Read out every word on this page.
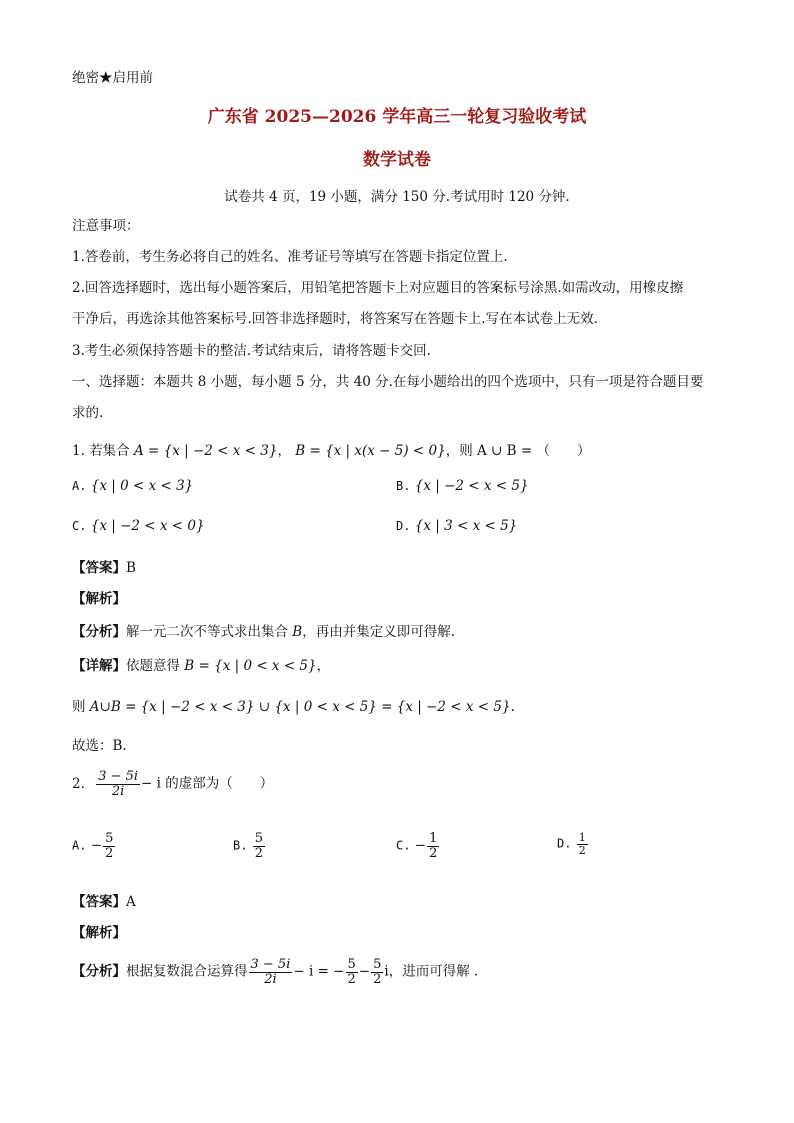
绝密★启用前
广东省 2025—2026 学年高三一轮复习验收考试
数学试卷
试卷共 4 页，19 小题，满分 150 分.考试用时 120 分钟.
注意事项：
1.答卷前，考生务必将自己的姓名、准考证号等填写在答题卡指定位置上.
2.回答选择题时，选出每小题答案后，用铅笔把答题卡上对应题目的答案标号涂黑.如需改动，用橡皮擦
干净后，再选涂其他答案标号.回答非选择题时，将答案写在答题卡上.写在本试卷上无效.
3.考生必须保持答题卡的整洁.考试结束后，请将答题卡交回.
一、选择题：本题共 8 小题，每小题 5 分，共 40 分.在每小题给出的四个选项中，只有一项是符合题目要
求的.
1. 若集合 A = {x | −2 < x < 3}， B = {x | x(x − 5) < 0}，则 A ∪ B = （　　）
A. {x | 0 < x < 3}	B. {x | −2 < x < 5}
C. {x | −2 < x < 0}	D. {x | 3 < x < 5}
【答案】B
【解析】
【分析】解一元二次不等式求出集合 B，再由并集定义即可得解.
【详解】依题意得 B = {x | 0 < x < 5}，
则 A∪B = {x | −2 < x < 3} ∪ {x | 0 < x < 5} = {x | −2 < x < 5}.
故选：B.
2. $\frac{3 - 5i}{2i} - i$ 的虚部为（　　）
A. − $\frac{5}{2}$	B. $\frac{5}{2}$	C. − $\frac{1}{2}$	D. $\frac{1}{2}$
【答案】A
【解析】
【分析】根据复数混合运算得 $\frac{3 - 5i}{2i} - i$ = − $\frac{5}{2} - \frac{5}{2}$ i，进而可得解 .
